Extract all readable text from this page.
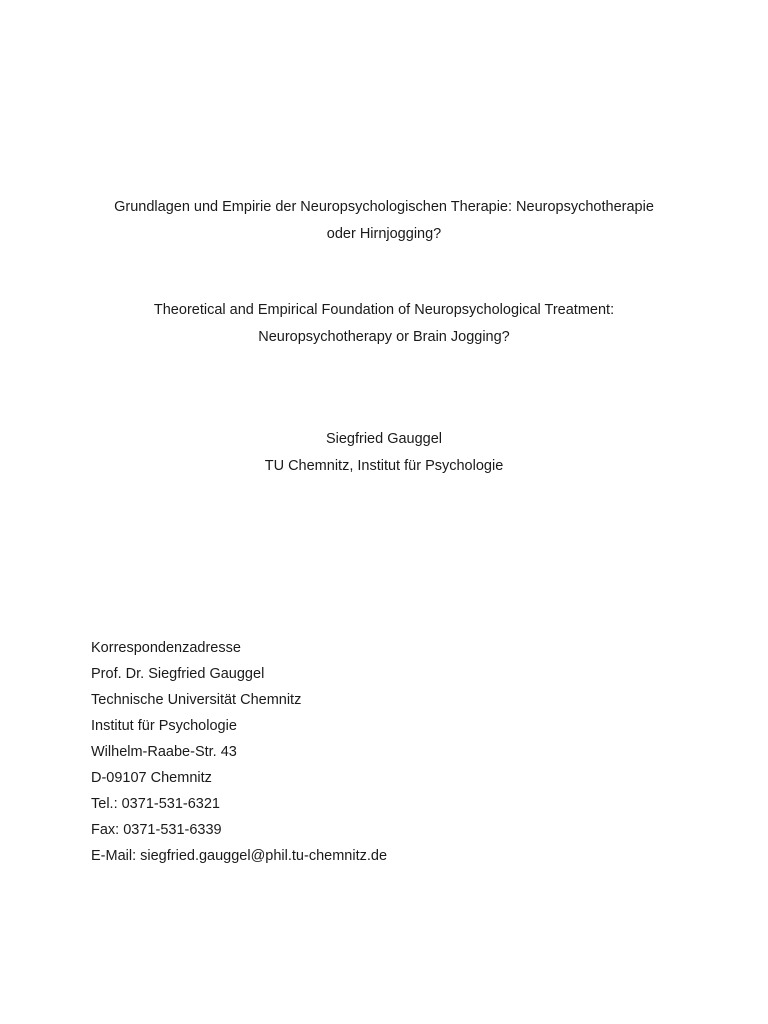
Grundlagen und Empirie der Neuropsychologischen Therapie: Neuropsychotherapie
oder Hirnjogging?
Theoretical and Empirical Foundation of Neuropsychological Treatment:
Neuropsychotherapy or Brain Jogging?
Siegfried Gauggel
TU Chemnitz, Institut für Psychologie
Korrespondenzadresse
Prof. Dr. Siegfried Gauggel
Technische Universität Chemnitz
Institut für Psychologie
Wilhelm-Raabe-Str. 43
D-09107 Chemnitz
Tel.: 0371-531-6321
Fax: 0371-531-6339
E-Mail: siegfried.gauggel@phil.tu-chemnitz.de
